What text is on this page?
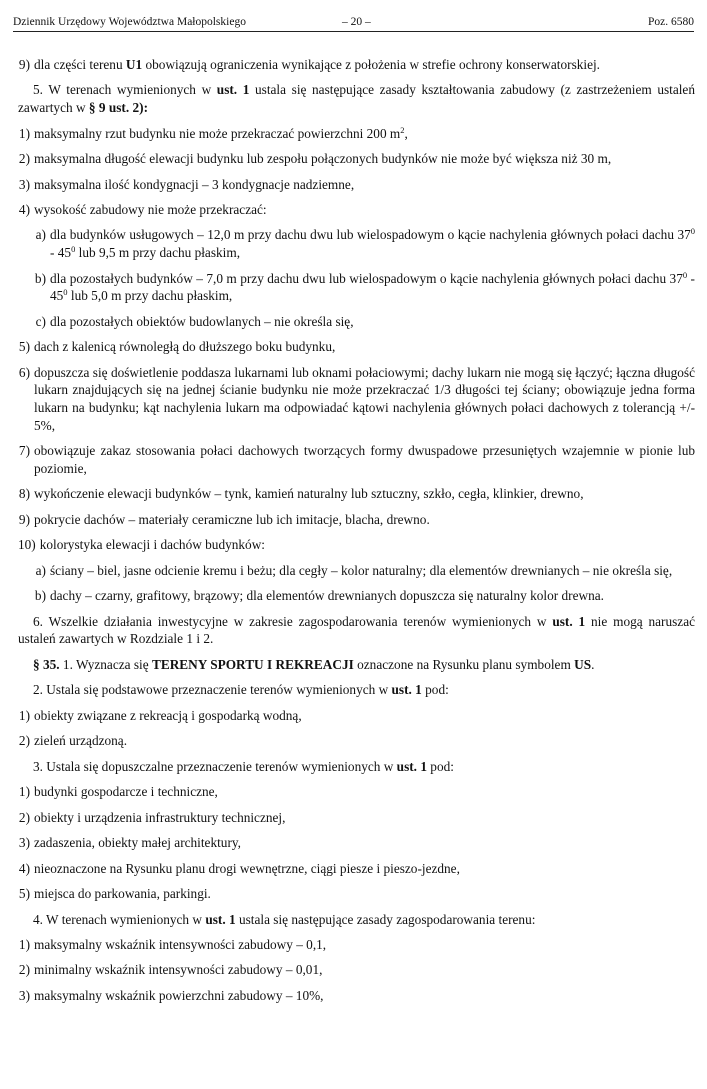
Dziennik Urzędowy Województwa Małopolskiego	– 20 –	Poz. 6580
9) dla części terenu U1 obowiązują ograniczenia wynikające z położenia w strefie ochrony konserwatorskiej.

5. W terenach wymienionych w ust. 1 ustala się następujące zasady kształtowania zabudowy (z zastrzeżeniem ustaleń zawartych w § 9 ust. 2):

1) maksymalny rzut budynku nie może przekraczać powierzchni 200 $m^2$,
2) maksymalna długość elewacji budynku lub zespołu połączonych budynków nie może być większa niż 30 m,
3) maksymalna ilość kondygnacji – 3 kondygnacje nadziemne,
4) wysokość zabudowy nie może przekraczać:
a) dla budynków usługowych – 12,0 m przy dachu dwu lub wielospadowym o kącie nachylenia głównych połaci dachu $37^0 - 45^0$ lub 9,5 m przy dachu płaskim,
b) dla pozostałych budynków – 7,0 m przy dachu dwu lub wielospadowym o kącie nachylenia głównych połaci dachu $37^0 - 45^0$ lub 5,0 m przy dachu płaskim,
c) dla pozostałych obiektów budowlanych – nie określa się,
5) dach z kalenicą równoległą do dłuższego boku budynku,
6) dopuszcza się doświetlenie poddasza lukarnami lub oknami połaciowymi; dachy lukarn nie mogą się łączyć; łączna długość lukarn znajdujących się na jednej ścianie budynku nie może przekraczać 1/3 długości tej ściany; obowiązuje jedna forma lukarn na budynku; kąt nachylenia lukarn ma odpowiadać kątowi nachylenia głównych połaci dachowych z tolerancją +/- 5%,
7) obowiązuje zakaz stosowania połaci dachowych tworzących formy dwuspadowe przesuniętych wzajemnie w pionie lub poziomie,
8) wykończenie elewacji budynków – tynk, kamień naturalny lub sztuczny, szkło, cegła, klinkier, drewno,
9) pokrycie dachów – materiały ceramiczne lub ich imitacje, blacha, drewno.
10) kolorystyka elewacji i dachów budynków:
a) ściany – biel, jasne odcienie kremu i beżu; dla cegły – kolor naturalny; dla elementów drewnianych – nie określa się,
b) dachy – czarny, grafitowy, brązowy; dla elementów drewnianych dopuszcza się naturalny kolor drewna.

6. Wszelkie działania inwestycyjne w zakresie zagospodarowania terenów wymienionych w ust. 1 nie mogą naruszać ustaleń zawartych w Rozdziale 1 i 2.

§ 35. 1. Wyznacza się TERENY SPORTU I REKREACJI oznaczone na Rysunku planu symbolem US.

2. Ustala się podstawowe przeznaczenie terenów wymienionych w ust. 1 pod:

1) obiekty związane z rekreacją i gospodarką wodną,
2) zieleń urządzoną.

3. Ustala się dopuszczalne przeznaczenie terenów wymienionych w ust. 1 pod:

1) budynki gospodarcze i techniczne,
2) obiekty i urządzenia infrastruktury technicznej,
3) zadaszenia, obiekty małej architektury,
4) nieoznaczone na Rysunku planu drogi wewnętrzne, ciągi piesze i pieszo-jezdne,
5) miejsca do parkowania, parkingi.

4. W terenach wymienionych w ust. 1 ustala się następujące zasady zagospodarowania terenu:

1) maksymalny wskaźnik intensywności zabudowy – 0,1,
2) minimalny wskaźnik intensywności zabudowy – 0,01,
3) maksymalny wskaźnik powierzchni zabudowy – 10%,
